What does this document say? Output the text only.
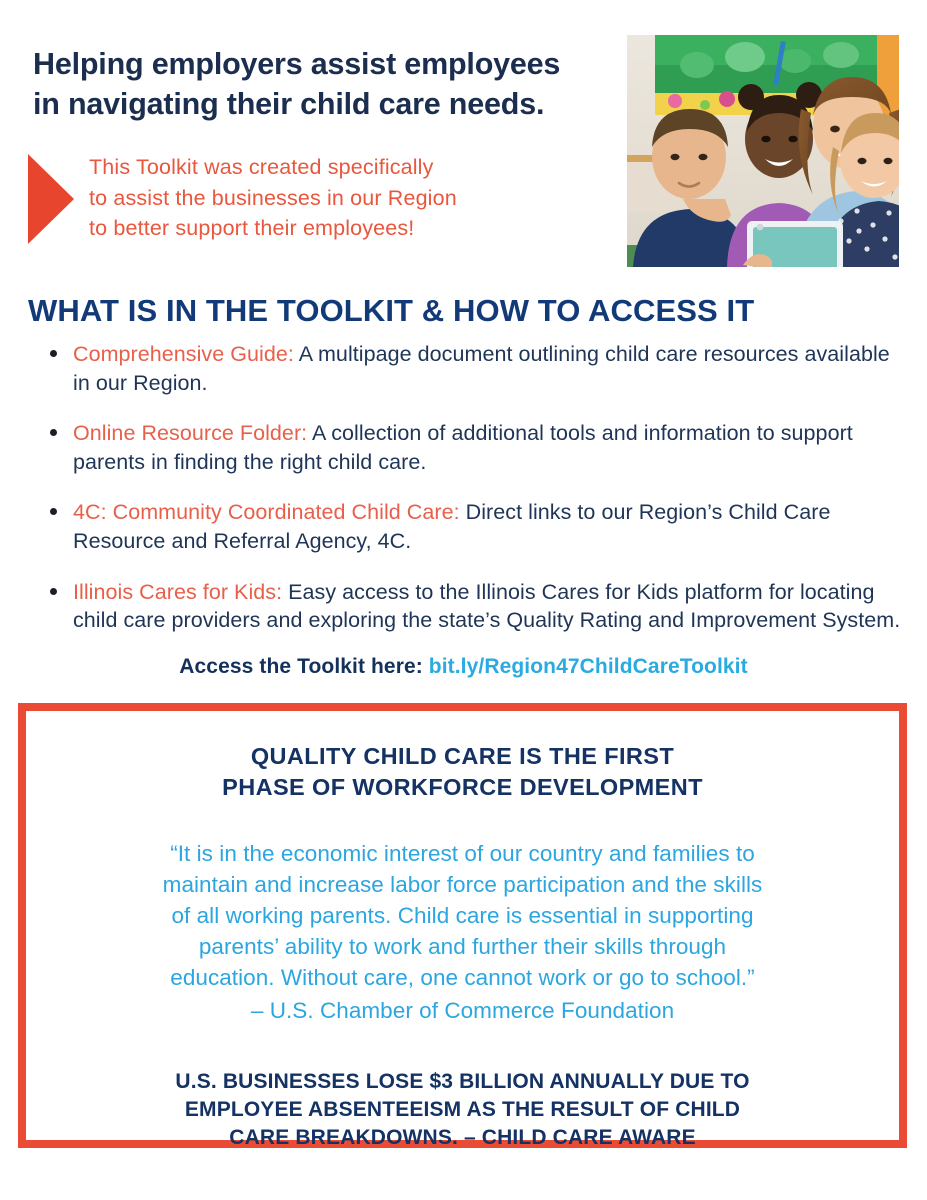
Helping employers assist employees
in navigating their child care needs.
This Toolkit was created specifically
to assist the businesses in our Region
to better support their employees!
WHAT IS IN THE TOOLKIT & HOW TO ACCESS IT
Comprehensive Guide: A multipage document outlining child care resources available in our Region.
Online Resource Folder: A collection of additional tools and information to support parents in finding the right child care.
4C: Community Coordinated Child Care: Direct links to our Region’s Child Care Resource and Referral Agency, 4C.
Illinois Cares for Kids: Easy access to the Illinois Cares for Kids platform for locating child care providers and exploring the state’s Quality Rating and Improvement System.
Access the Toolkit here: bit.ly/Region47ChildCareToolkit
QUALITY CHILD CARE IS THE FIRST
PHASE OF WORKFORCE DEVELOPMENT
“It is in the economic interest of our country and families to
maintain and increase labor force participation and the skills
of all working parents. Child care is essential in supporting
parents’ ability to work and further their skills through
education. Without care, one cannot work or go to school.”
– U.S. Chamber of Commerce Foundation
U.S. BUSINESSES LOSE $3 BILLION ANNUALLY DUE TO
EMPLOYEE ABSENTEEISM AS THE RESULT OF CHILD
CARE BREAKDOWNS. – CHILD CARE AWARE
